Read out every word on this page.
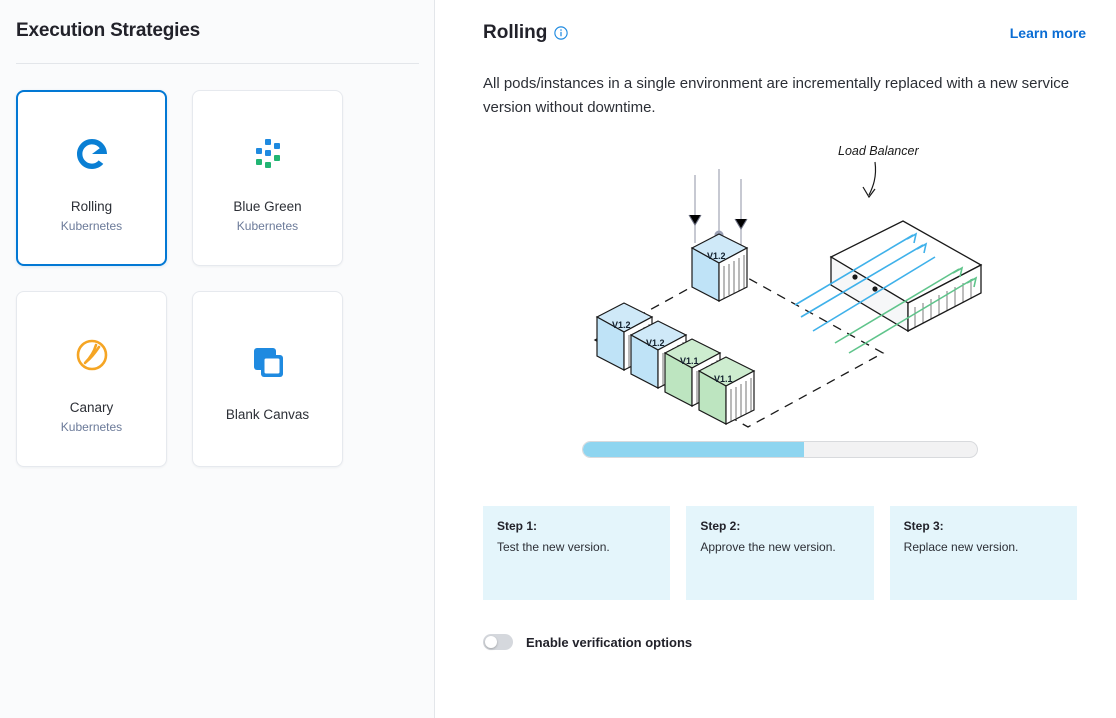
Execution Strategies
Rolling
Kubernetes
Blue Green
Kubernetes
Canary
Kubernetes
Blank Canvas
Rolling	Learn more

All pods/instances in a single environment are incrementally replaced with a new service version without downtime.

V1.2
V1.2
V1.2
V1.1
V1.1
Load Balancer
Step 1:
Test the new version.
Step 2:
Approve the new version.
Step 3:
Replace new version.
Enable verification options
